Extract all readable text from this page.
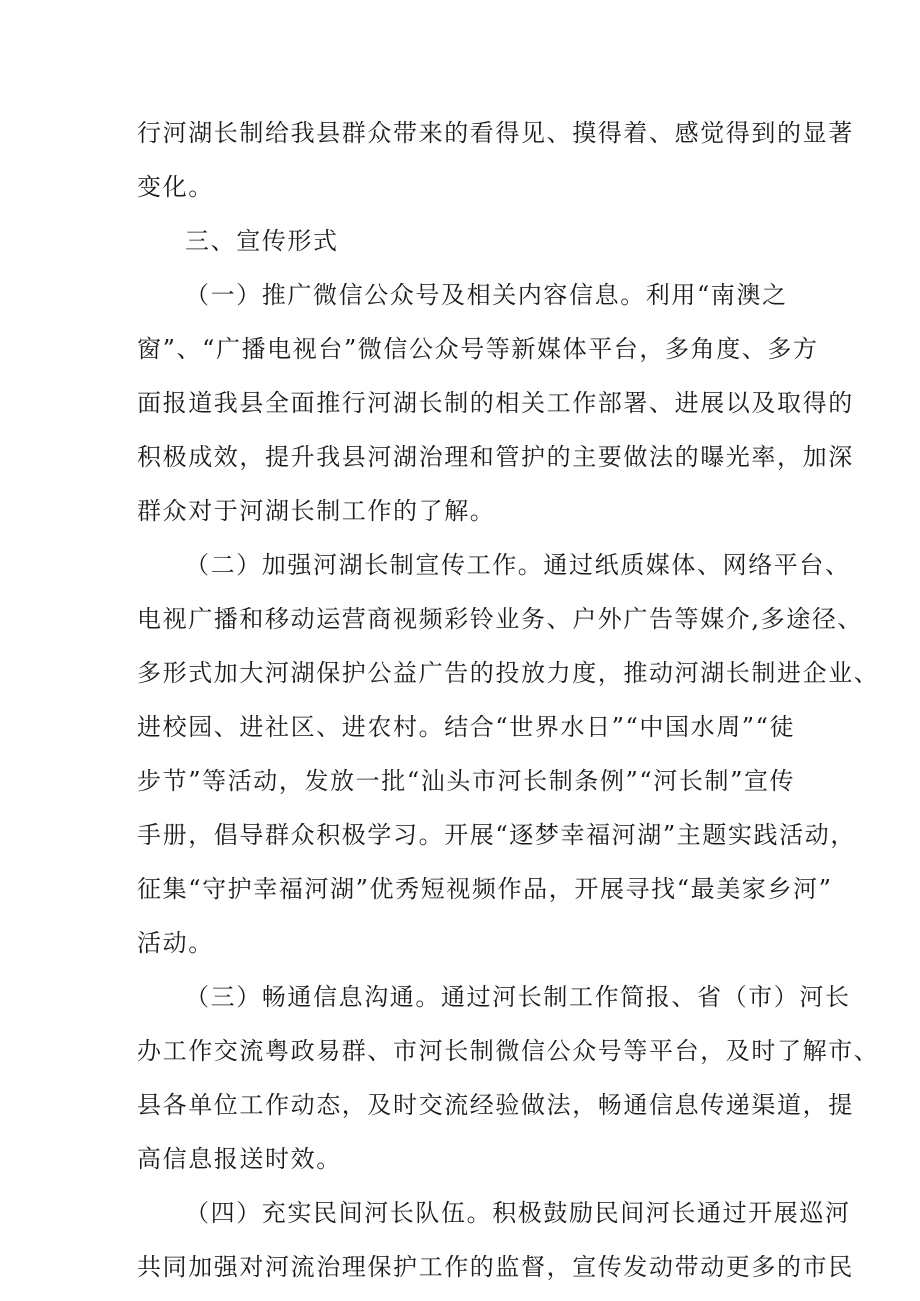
行河湖长制给我县群众带来的看得见、摸得着、感觉得到的显著
变化。
三、宣传形式
（一）推广微信公众号及相关内容信息。利用“南澳之
窗”、“广播电视台”微信公众号等新媒体平台，多角度、多方
面报道我县全面推行河湖长制的相关工作部署、进展以及取得的
积极成效，提升我县河湖治理和管护的主要做法的曝光率，加深
群众对于河湖长制工作的了解。
（二）加强河湖长制宣传工作。通过纸质媒体、网络平台、
电视广播和移动运营商视频彩铃业务、户外广告等媒介,多途径、
多形式加大河湖保护公益广告的投放力度，推动河湖长制进企业、
进校园、进社区、进农村。结合“世界水日”“中国水周”“徒
步节”等活动，发放一批“汕头市河长制条例”“河长制”宣传
手册，倡导群众积极学习。开展“逐梦幸福河湖”主题实践活动，
征集“守护幸福河湖”优秀短视频作品，开展寻找“最美家乡河”
活动。
（三）畅通信息沟通。通过河长制工作简报、省（市）河长
办工作交流粤政易群、市河长制微信公众号等平台，及时了解市、
县各单位工作动态，及时交流经验做法，畅通信息传递渠道，提
高信息报送时效。
（四）充实民间河长队伍。积极鼓励民间河长通过开展巡河
共同加强对河流治理保护工作的监督，宣传发动带动更多的市民
